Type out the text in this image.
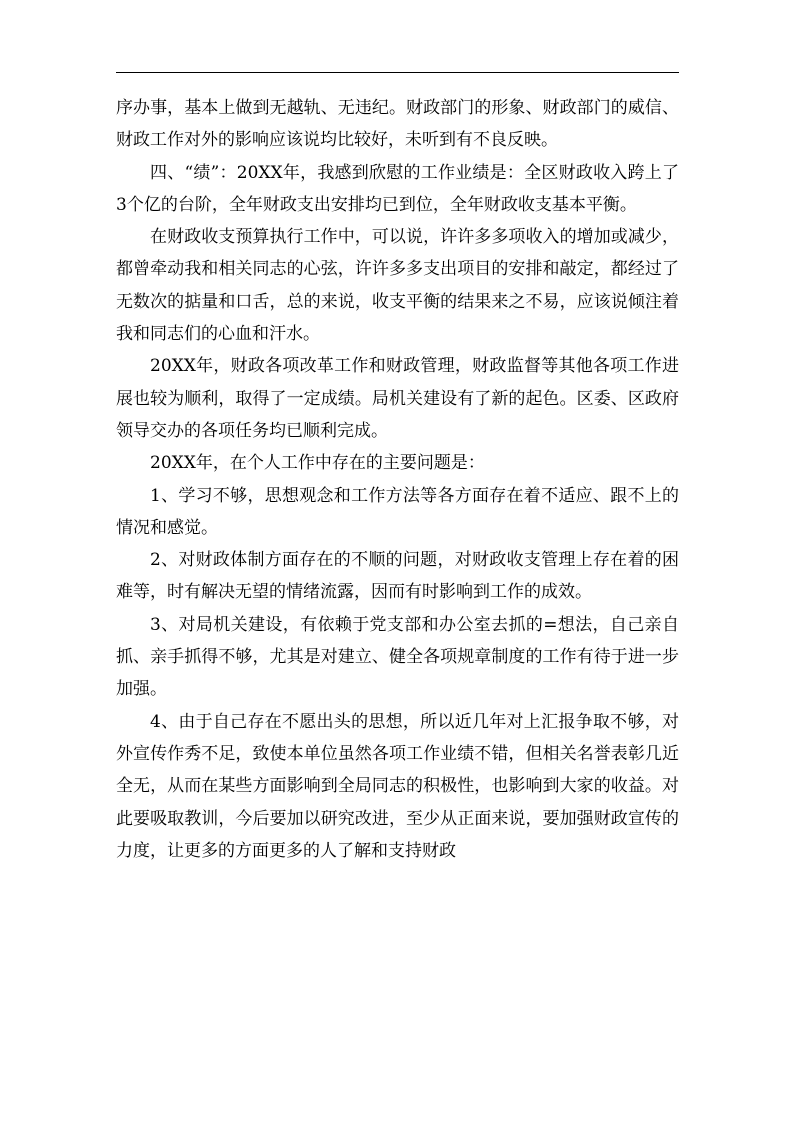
序办事，基本上做到无越轨、无违纪。财政部门的形象、财政部门的威信、财政工作对外的影响应该说均比较好，未听到有不良反映。

四、“绩”：20XX年，我感到欣慰的工作业绩是：全区财政收入跨上了3个亿的台阶，全年财政支出安排均已到位，全年财政收支基本平衡。

在财政收支预算执行工作中，可以说，许许多多项收入的增加或减少，都曾牵动我和相关同志的心弦，许许多多支出项目的安排和敲定，都经过了无数次的掂量和口舌，总的来说，收支平衡的结果来之不易，应该说倾注着我和同志们的心血和汗水。

20XX年，财政各项改革工作和财政管理，财政监督等其他各项工作进展也较为顺利，取得了一定成绩。局机关建设有了新的起色。区委、区政府领导交办的各项任务均已顺利完成。

20XX年，在个人工作中存在的主要问题是：

1、学习不够，思想观念和工作方法等各方面存在着不适应、跟不上的情况和感觉。

2、对财政体制方面存在的不顺的问题，对财政收支管理上存在着的困难等，时有解决无望的情绪流露，因而有时影响到工作的成效。

3、对局机关建设，有依赖于党支部和办公室去抓的=想法，自己亲自抓、亲手抓得不够，尤其是对建立、健全各项规章制度的工作有待于进一步加强。

4、由于自己存在不愿出头的思想，所以近几年对上汇报争取不够，对外宣传作秀不足，致使本单位虽然各项工作业绩不错，但相关名誉表彰几近全无，从而在某些方面影响到全局同志的积极性，也影响到大家的收益。对此要吸取教训，今后要加以研究改进，至少从正面来说，要加强财政宣传的力度，让更多的方面更多的人了解和支持财政
